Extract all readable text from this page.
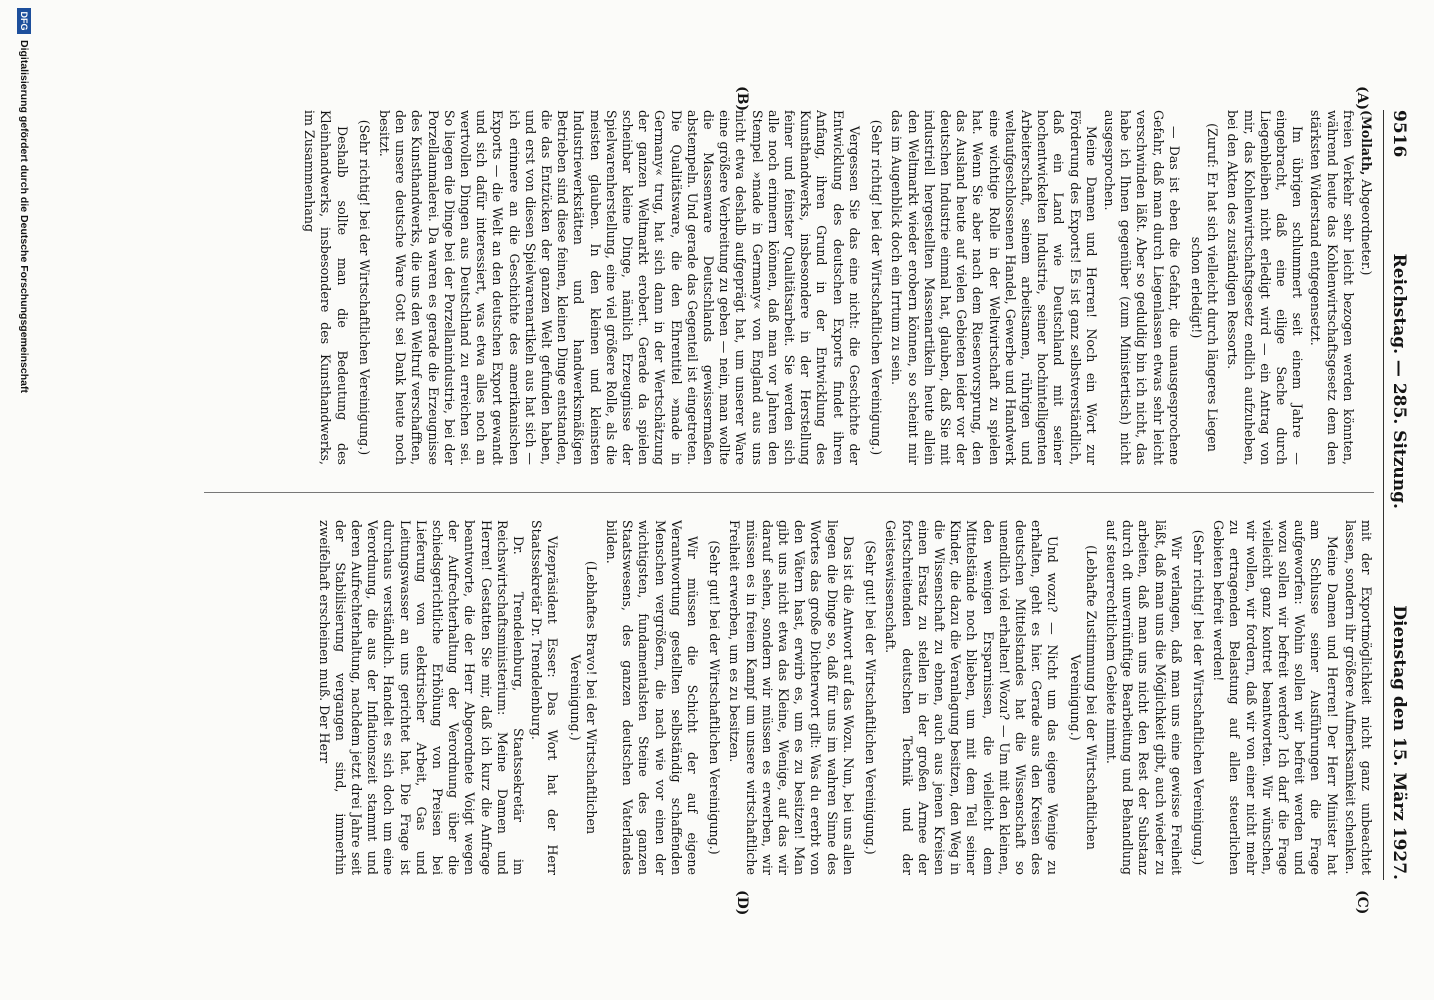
9516
Reichstag. — 285. Sitzung.
Dienstag den 15. März 1927.
(A)
(B)
(C)
(D)

(Mollath, Abgeordneter.)

freien Verkehr sehr leicht bezogen werden könnten, während heute das Kohlenwirtschaftsgesetz dem den stärksten Widerstand entgegensetzt.

Im übrigen schlummert seit einem Jahre — eingebracht, daß eine eilige Sache durch Liegenbleiben nicht erledigt wird — ein Antrag von mir, das Kohlenwirtschaftsgesetz endlich aufzuheben, bei den Akten des zuständigen Ressorts.

(Zuruf: Er hat sich vielleicht durch längeres Liegen schon erledigt!)

— Das ist eben die Gefahr, die unausgesprochene Gefahr, daß man durch Liegenlassen etwas sehr leicht verschwinden läßt. Aber so geduldig bin ich nicht, das habe ich Ihnen gegenüber (zum Ministertisch) nicht ausgesprochen.

Meine Damen und Herren! Noch ein Wort zur Förderung des Exports! Es ist ganz selbstverständlich, daß ein Land wie Deutschland mit seiner hochentwickelten Industrie, seiner hochintelligenten Arbeiterschaft, seinem arbeitsamen, rührigen und weltaufgeschlossenen Handel, Gewerbe und Handwerk eine wichtige Rolle in der Weltwirtschaft zu spielen hat. Wenn Sie aber nach dem Riesenvorsprung, den das Ausland heute auf vielen Gebieten leider vor der deutschen Industrie einmal hat, glauben, daß Sie mit industriell hergestellten Massenartikeln heute allein den Weltmarkt wieder erobern können, so scheint mir das im Augenblick doch ein Irrtum zu sein.

(Sehr richtig! bei der Wirtschaftlichen Vereinigung.)

Vergessen Sie das eine nicht: die Geschichte der Entwicklung des deutschen Exports findet ihren Anfang, ihren Grund in der Entwicklung des Kunsthandwerks, insbesondere in der Herstellung feiner und feinster Qualitätsarbeit. Sie werden sich alle noch erinnern können, daß man vor Jahren den Stempel »made in Germany« von England aus uns nicht etwa deshalb aufgeprägt hat, um unserer Ware eine größere Verbreitung zu geben — nein, man wollte die Massenware Deutschlands gewissermaßen abstempeln. Und gerade das Gegenteil ist eingetreten. Die Qualitätsware, die den Ehrentitel »made in Germany« trug, hat sich dann in der Wertschätzung der ganzen Weltmarkt erobert. Gerade da spielen scheinbar kleine Dinge, nämlich Erzeugnisse der Spielwarenherstellung, eine viel größere Rolle, als die meisten glauben. In den kleinen und kleinsten Industriewerkstätten und handwerksmäßigen Betrieben sind diese feinen, kleinen Dinge entstanden, die das Entzücken der ganzen Welt gefunden haben, und erst von diesen Spielwarenartikeln aus hat sich — ich erinnere an die Geschichte des amerikanischen Exports — die Welt an den deutschen Export gewandt und sich dafür interessiert, was etwa alles noch an wertvollen Dingen aus Deutschland zu erreichen sei. So liegen die Dinge bei der Porzellanindustrie, bei der Porzellanmalerei. Da waren es gerade die Erzeugnisse des Kunsthandwerks, die uns den Weltruf verschafften, den unsere deutsche Ware Gott sei Dank heute noch besitzt.

(Sehr richtig! bei der Wirtschaftlichen Vereinigung.)

Deshalb sollte man die Bedeutung des Kleinhandwerks, insbesondere des Kunsthandwerks, im Zusammenhang

mit der Exportmöglichkeit nicht ganz unbeachtet lassen, sondern ihr größere Aufmerksamkeit schenken.

Meine Damen und Herren! Der Herr Minister hat am Schlusse seiner Ausführungen die Frage aufgeworfen: Wohin sollen wir befreit werden und wozu sollen wir befreit werden? Ich darf die Frage vielleicht ganz kontret beantworten. Wir wünschen, wir wollen, wir fordern, daß wir von einer nicht mehr zu ertragenden Belastung auf allen steuerlichen Gebieten befreit werden!

(Sehr richtig! bei der Wirtschaftlichen Vereinigung.)

Wir verlangen, daß man uns eine gewisse Freiheit läßt, daß man uns die Möglichkeit gibt, auch wieder zu arbeiten, daß man uns nicht den Rest der Substanz durch oft unvernünftige Bearbeitung und Behandlung auf steuerrechtlichem Gebiete nimmt.

(Lebhafte Zustimmung bei der Wirtschaftlichen Vereinigung.)

Und wozu? — Nicht um das eigene Wenige zu erhalten, geht es hier. Gerade aus den Kreisen des deutschen Mittelstandes hat die Wissenschaft so unendlich viel erhalten! Wozu? — Um mit den kleinen, den wenigen Ersparnissen, die vielleicht dem Mittelstände noch blieben, um mit dem Teil seiner Kinder, die dazu die Veranlagung besitzen, den Weg in die Wissenschaft zu ebnen, auch aus jenen Kreisen einen Ersatz zu stellen in der großen Armee der fortschreitenden deutschen Technik und der Geisteswissenschaft.

(Sehr gut! bei der Wirtschaftlichen Vereinigung.)

Das ist die Antwort auf das Wozu. Nun, bei uns allen liegen die Dinge so, daß für uns im wahren Sinne des Wortes das große Dichterwort gilt: Was du ererbt von den Vätern hast, erwirb es, um es zu besitzen! Man gibt uns nicht etwa das Kleine, Wenige, auf das wir darauf sehen, sondern wir müssen es erwerben, wir müssen es in freiem Kampf um unsere wirtschaftliche Freiheit erwerben, um es zu besitzen.

(Sehr gut! bei der Wirtschaftlichen Vereinigung.)

Wir müssen die Schicht der auf eigene Verantwortung gestellten selbständig schaffenden Menschen vergrößern, die nach wie vor einen der wichtigsten, fundamentalsten Steine des ganzen Staatswesens, des ganzen deutschen Vaterlandes bilden.

(Lebhaftes Bravo! bei der Wirtschaftlichen Vereinigung.)

Vizepräsident Esser: Das Wort hat der Herr Staatssekretär Dr. Trendelenburg.

Dr. Trendelenburg, Staatssekretär im Reichswirtschaftsministerium: Meine Damen und Herren! Gestatten Sie mir, daß ich kurz die Anfrage beantworte, die der Herr Abgeordnete Voigt wegen der Aufrechterhaltung der Verordnung über die schiedsgerichtliche Erhöhung von Preisen bei Lieferung von elektrischer Arbeit, Gas und Leitungswasser an uns gerichtet hat. Die Frage ist durchaus verständlich. Handelt es sich doch um eine Verordnung, die aus der Inflationszeit stammt und deren Aufrechterhaltung, nachdem jetzt drei Jahre seit der Stabilisierung vergangen sind, immerhin zweifelhaft erscheinen muß. Der Herr

DFG
Digitalisierung gefördert durch die Deutsche Forschungsgemeinschaft
